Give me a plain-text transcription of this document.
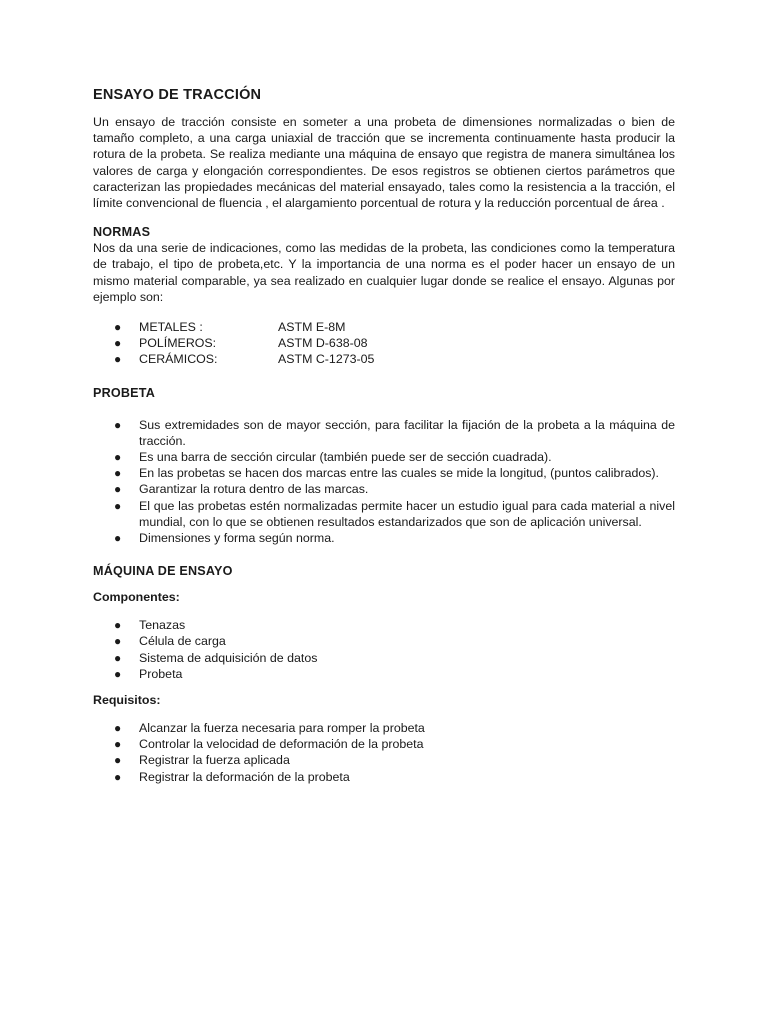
ENSAYO DE TRACCIÓN

Un ensayo de tracción consiste en someter a una probeta de dimensiones normalizadas o bien de tamaño completo, a una carga uniaxial de tracción que se incrementa continuamente hasta producir la rotura de la probeta. Se realiza mediante una máquina de ensayo que registra de manera simultánea los valores de carga y elongación correspondientes. De esos registros se obtienen ciertos parámetros que caracterizan las propiedades mecánicas del material ensayado, tales como la resistencia a la tracción, el límite convencional de fluencia , el alargamiento porcentual de rotura y la reducción porcentual de área .

NORMAS

Nos da una serie de indicaciones, como las medidas de la probeta, las condiciones como la temperatura de trabajo, el tipo de probeta,etc. Y la importancia de una norma es el poder hacer un ensayo de un mismo material comparable, ya sea realizado en cualquier lugar donde se realice el ensayo. Algunas por ejemplo son:

● METALES :	ASTM E-8M
● POLÍMEROS:	ASTM D-638-08
● CERÁMICOS:	ASTM C-1273-05
PROBETA
● Sus extremidades son de mayor sección, para facilitar la fijación de la probeta a la máquina de tracción.
● Es una barra de sección circular (también puede ser de sección cuadrada).
● En las probetas se hacen dos marcas entre las cuales se mide la longitud, (puntos calibrados).
● Garantizar la rotura dentro de las marcas.
● El que las probetas estén normalizadas permite hacer un estudio igual para cada material a nivel mundial, con lo que se obtienen resultados estandarizados que son de aplicación universal.
● Dimensiones y forma según norma.
MÁQUINA DE ENSAYO
Componentes:
● Tenazas
● Célula de carga
● Sistema de adquisición de datos
● Probeta
Requisitos:
● Alcanzar la fuerza necesaria para romper la probeta
● Controlar la velocidad de deformación de la probeta
● Registrar la fuerza aplicada
● Registrar la deformación de la probeta
